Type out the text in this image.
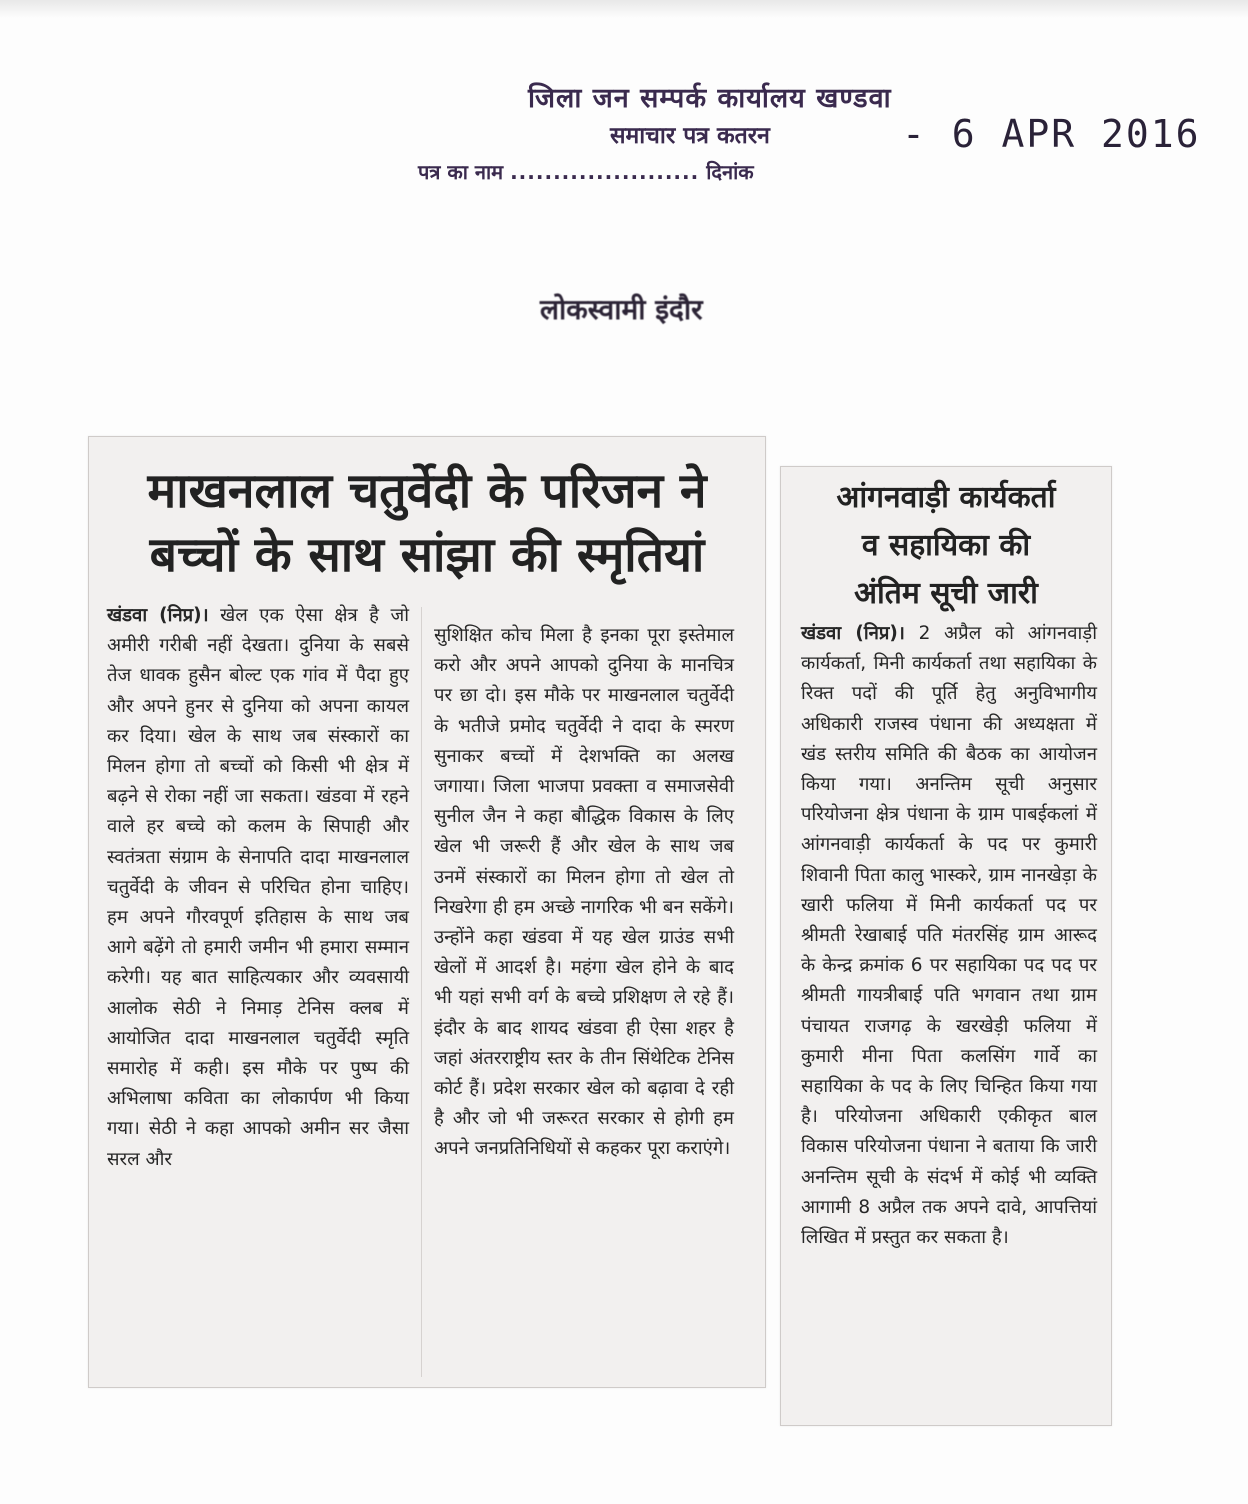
जिला जन सम्पर्क कार्यालय खण्डवा
समाचार पत्र कतरन
पत्र का नाम ...................... दिनांक
- 6 APR 2016
लोकस्वामी इंदौर
माखनलाल चतुर्वेदी के परिजन ने
बच्चों के साथ सांझा की स्मृतियां
खंडवा (निप्र)। खेल एक ऐसा क्षेत्र है जो अमीरी गरीबी नहीं देखता। दुनिया के सबसे तेज धावक हुसैन बोल्ट एक गांव में पैदा हुए और अपने हुनर से दुनिया को अपना कायल कर दिया। खेल के साथ जब संस्कारों का मिलन होगा तो बच्चों को किसी भी क्षेत्र में बढ़ने से रोका नहीं जा सकता। खंडवा में रहने वाले हर बच्चे को कलम के सिपाही और स्वतंत्रता संग्राम के सेनापति दादा माखनलाल चतुर्वेदी के जीवन से परिचित होना चाहिए। हम अपने गौरवपूर्ण इतिहास के साथ जब आगे बढ़ेंगे तो हमारी जमीन भी हमारा सम्मान करेगी। यह बात साहित्यकार और व्यवसायी आलोक सेठी ने निमाड़ टेनिस क्लब में आयोजित दादा माखनलाल चतुर्वेदी स्मृति समारोह में कही। इस मौके पर पुष्प की अभिलाषा कविता का लोकार्पण भी किया गया। सेठी ने कहा आपको अमीन सर जैसा सरल और
सुशिक्षित कोच मिला है इनका पूरा इस्तेमाल करो और अपने आपको दुनिया के मानचित्र पर छा दो। इस मौके पर माखनलाल चतुर्वेदी के भतीजे प्रमोद चतुर्वेदी ने दादा के स्मरण सुनाकर बच्चों में देशभक्ति का अलख जगाया। जिला भाजपा प्रवक्ता व समाजसेवी सुनील जैन ने कहा बौद्धिक विकास के लिए खेल भी जरूरी हैं और खेल के साथ जब उनमें संस्कारों का मिलन होगा तो खेल तो निखरेगा ही हम अच्छे नागरिक भी बन सकेंगे। उन्होंने कहा खंडवा में यह खेल ग्राउंड सभी खेलों में आदर्श है। महंगा खेल होने के बाद भी यहां सभी वर्ग के बच्चे प्रशिक्षण ले रहे हैं। इंदौर के बाद शायद खंडवा ही ऐसा शहर है जहां अंतरराष्ट्रीय स्तर के तीन सिंथेटिक टेनिस कोर्ट हैं। प्रदेश सरकार खेल को बढ़ावा दे रही है और जो भी जरूरत सरकार से होगी हम अपने जनप्रतिनिधियों से कहकर पूरा कराएंगे।
आंगनवाड़ी कार्यकर्ता
व सहायिका की
अंतिम सूची जारी
खंडवा (निप्र)। 2 अप्रैल को आंगनवाड़ी कार्यकर्ता, मिनी कार्यकर्ता तथा सहायिका के रिक्त पदों की पूर्ति हेतु अनुविभागीय अधिकारी राजस्व पंधाना की अध्यक्षता में खंड स्तरीय समिति की बैठक का आयोजन किया गया। अनन्तिम सूची अनुसार परियोजना क्षेत्र पंधाना के ग्राम पाबईकलां में आंगनवाड़ी कार्यकर्ता के पद पर कुमारी शिवानी पिता कालु भास्करे, ग्राम नानखेड़ा के खारी फलिया में मिनी कार्यकर्ता पद पर श्रीमती रेखाबाई पति मंतरसिंह ग्राम आरूद के केन्द्र क्रमांक 6 पर सहायिका पद पद पर श्रीमती गायत्रीबाई पति भगवान तथा ग्राम पंचायत राजगढ़ के खरखेड़ी फलिया में कुमारी मीना पिता कलसिंग गार्वे का सहायिका के पद के लिए चिन्हित किया गया है। परियोजना अधिकारी एकीकृत बाल विकास परियोजना पंधाना ने बताया कि जारी अनन्तिम सूची के संदर्भ में कोई भी व्यक्ति आगामी 8 अप्रैल तक अपने दावे, आपत्तियां लिखित में प्रस्तुत कर सकता है।
